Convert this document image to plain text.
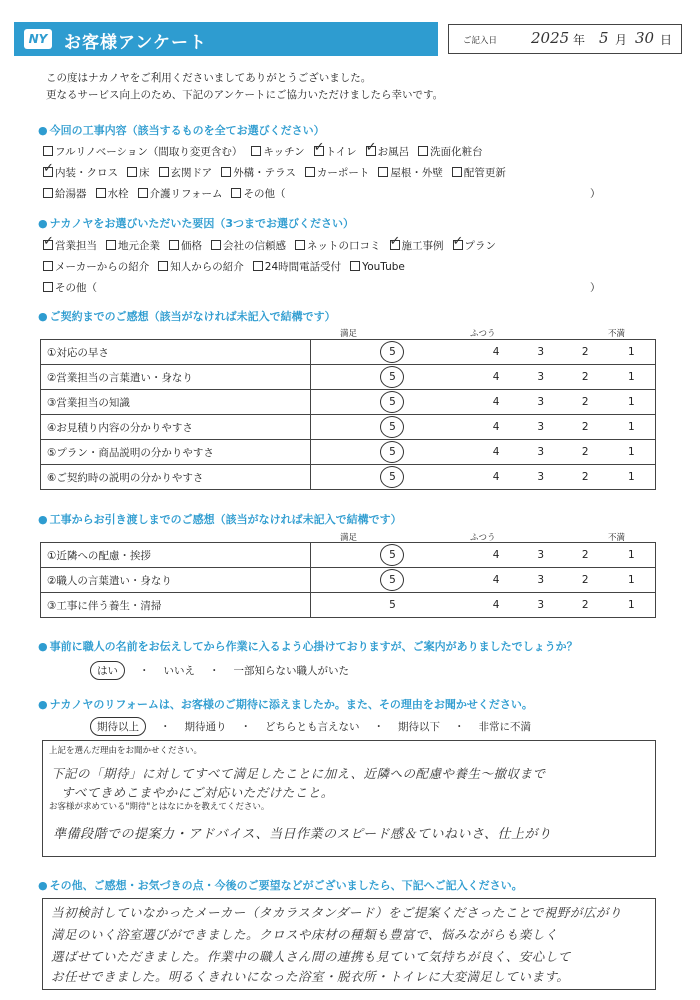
NY お客様アンケート	ご記入日 2025 年 5 月 30 日
この度はナカノヤをご利用くださいましてありがとうございました。
更なるサービス向上のため、下記のアンケートにご協力いただけましたら幸いです。
● 今回の工事内容（該当するものを全てお選びください）
フルリノベーション（間取り変更含む） キッチン ✓ トイレ ✓ お風呂 洗面化粧台
✓内装・クロス 床 玄関ドア 外構・テラス カーポート 屋根・外壁 配管更新
給湯器 水栓 介護リフォーム その他（	）
● ナカノヤをお選びいただいた要因（3つまでお選びください）
✓営業担当 地元企業 価格 会社の信頼感 ネットの口コミ ✓ 施工事例 ✓ プラン
メーカーからの紹介 知人からの紹介 24時間電話受付 YouTube
その他（	）
● ご契約までのご感想（該当がなければ未記入で結構です）
満足	ふつう	不満
①対応の早さ	5	4	3	2	1
②営業担当の言葉遣い・身なり	5	4	3	2	1
③営業担当の知識	5	4	3	2	1
④お見積り内容の分かりやすさ	5	4	3	2	1
⑤プラン・商品説明の分かりやすさ	5	4	3	2	1
⑥ご契約時の説明の分かりやすさ	5	4	3	2	1
● 工事からお引き渡しまでのご感想（該当がなければ未記入で結構です）
満足	ふつう	不満
①近隣への配慮・挨拶	5	4	3	2	1
②職人の言葉遣い・身なり	5	4	3	2	1
③工事に伴う養生・清掃	5	4	3	2	1
● 事前に職人の名前をお伝えしてから作業に入るよう心掛けておりますが、ご案内がありましたでしょうか？
はい ・ いいえ ・ 一部知らない職人がいた
● ナカノヤのリフォームは、お客様のご期待に添えましたか。また、その理由をお聞かせください。
期待以上 ・ 期待通り ・ どちらとも言えない ・ 期待以下 ・ 非常に不満
上記を選んだ理由をお聞かせください。
下記の「期待」に対してすべて満足したことに加え、近隣への配慮や養生〜撤収まで
すべてきめこまやかにご対応いただけたこと。
お客様が求めている"期待"とはなにかを教えてください。
準備段階での提案力・アドバイス、当日作業のスピード感＆ていねいさ、仕上がり
● その他、ご感想・お気づきの点・今後のご要望などがございましたら、下記へご記入ください。
当初検討していなかったメーカー（タカラスタンダード）をご提案くださったことで視野が広がり
満足のいく浴室選びができました。クロスや床材の種類も豊富で、悩みながらも楽しく
選ばせていただきました。作業中の職人さん間の連携も見ていて気持ちが良く、安心して
お任せできました。明るくきれいになった浴室・脱衣所・トイレに大変満足しています。
